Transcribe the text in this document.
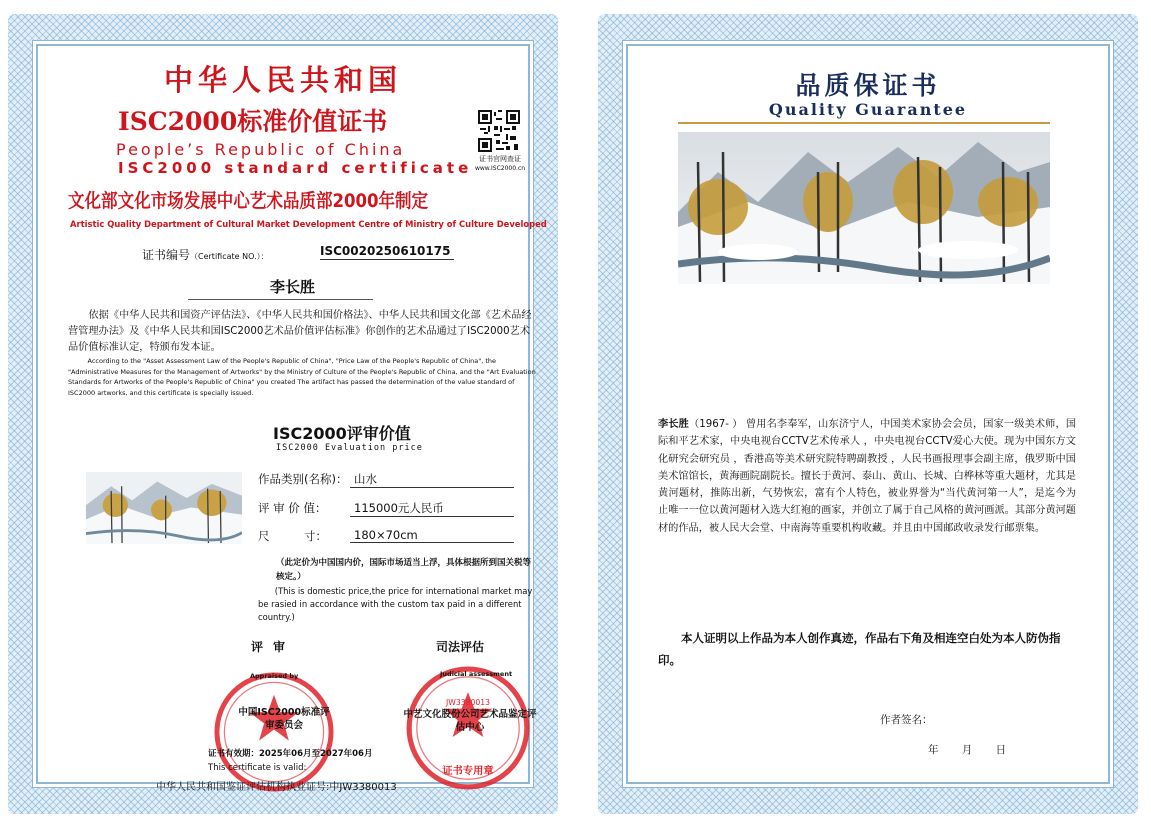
中华人民共和国
ISC2000标准价值证书
People’s Republic of China
ISC2000 standard certificate 证书官网查证
www.ISC2000.cn
文化部文化市场发展中心艺术品质部2000年制定
Artistic Quality Department of Cultural Market Development Centre of Ministry of Culture Developed
证书编号（Certificate NO.）：	ISC0020250610175
李长胜
依据《中华人民共和国资产评估法》、《中华人民共和国价格法》、中华人民共和国文化部《艺术品经营管理办法》及《中华人民共和国ISC2000艺术品价值评估标准》你创作的艺术品通过了ISC2000艺术品价值标准认定，特颁布发本证。
According to the "Asset Assessment Law of the People's Republic of China", "Price Law of the People's Republic of China", the "Administrative Measures for the Management of Artworks" by the Ministry of Culture of the People's Republic of China, and the "Art Evaluation Standards for Artworks of the People's Republic of China" you created The artifact has passed the determination of the value standard of ISC2000 artworks, and this certificate is specially issued.
ISC2000评审价值
ISC2000 Evaluation price
作品类别(名称)： 山水
评 审 价 值：	115000元人民币
尺　　　寸：	180×70cm
（此定价为中国国内价，国际市场适当上浮，具体根据所到国关税等核定。）
(This is domestic price,the price for international market may be rasied in accordance with the custom tax paid in a different country.)
评审	司法评估
JW3380013
证书专用章
Appraised by
中国ISC2000标准评审委员会
Judicial assessment
中艺文化股份公司艺术品鉴定评估中心
证书有效期：2025年06月至2027年06月
This certificate is valid:
中华人民共和国鉴证评估机构执业证号:中JW3380013
品质保证书
Quality Guarantee
李长胜（1967- ） 曾用名李奉军，山东济宁人，中国美术家协会会员，国家一级美术师，国际和平艺术家，中央电视台CCTV艺术传承人 ，中央电视台CCTV爱心大使。现为中国东方文化研究会研究员 ，香港高等美术研究院特聘副教授 ，人民书画报理事会副主席，俄罗斯中国美术馆馆长，黄海画院副院长。擅长于黄河、泰山、黄山、长城、白桦林等重大题材，尤其是黄河题材，推陈出新，气势恢宏，富有个人特色，被业界誉为“当代黄河第一人”，是迄今为止唯一一位以黄河题材入选大红袍的画家，并创立了属于自己风格的黄河画派。其部分黄河题材的作品，被人民大会堂、中南海等重要机构收藏。并且由中国邮政收录发行邮票集。
本人证明以上作品为本人创作真迹，作品右下角及相连空白处为本人防伪指印。
作者签名：
年 月 日
